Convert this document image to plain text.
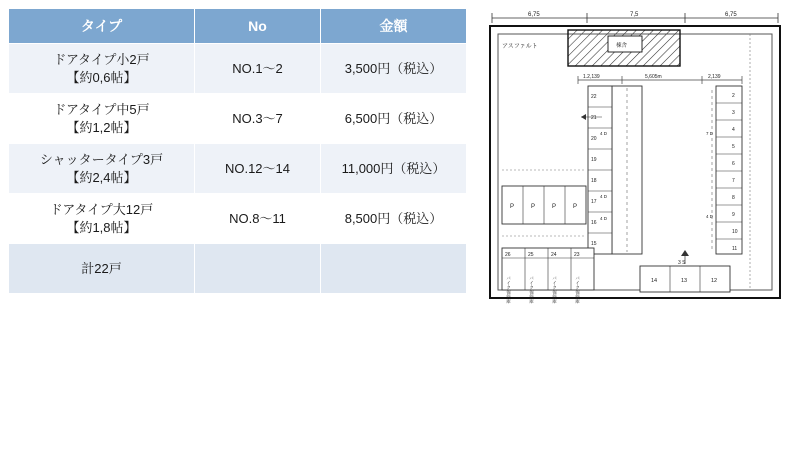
タイプ	No	金額

ドアタイプ小2戸
【約0,6帖】	NO.1〜2	3,500円（税込）

ドアタイプ中5戸
【約1,2帖】	NO.3〜7	6,500円（税込）

シャッタータイプ3戸
【約2,4帖】	NO.12〜14	11,000円（税込）

ドアタイプ大12戸
【約1,8帖】	NO.8〜11	8,500円（税込）
計22戸		
6,75	7,5	6,75
アスファルト	棟舎
1.2,139	5,605m	2,139
22
21
20
19
18
17
16
15
4 D
4 D
4 D
2
3
4
5
6
7
8
9
10
11
7 D
4 D
P	P	P	P
26	25	24	23
バイク保管庫	バイク保管庫	バイク保管庫	バイク保管庫	14	13	12
3 S
